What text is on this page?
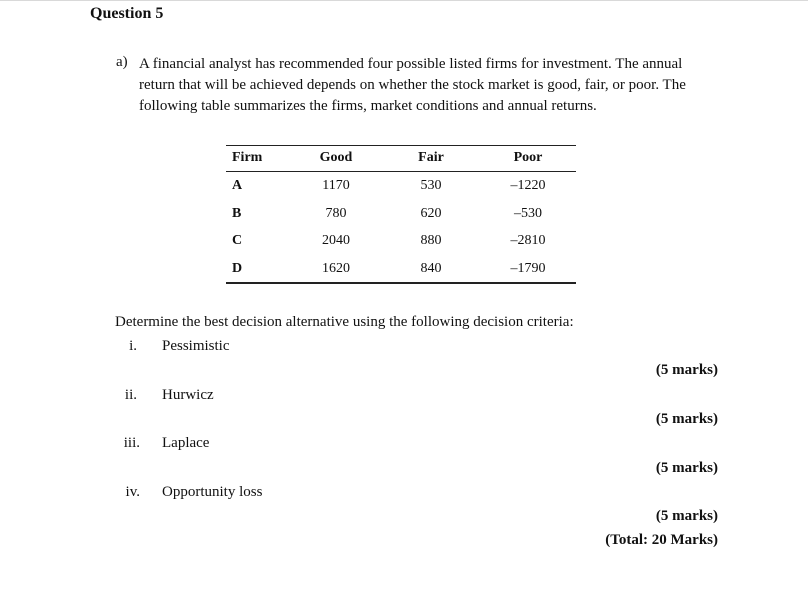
Question 5
a) A financial analyst has recommended four possible listed firms for investment. The annual
return that will be achieved depends on whether the stock market is good, fair, or poor. The
following table summarizes the firms, market conditions and annual returns.
Firm	Good	Fair	Poor
A	1170	530	–1220
B	780	620	–530
C	2040	880	–2810
D	1620	840	–1790
Determine the best decision alternative using the following decision criteria:
i. Pessimistic
(5 marks)
ii. Hurwicz
(5 marks)
iii. Laplace
(5 marks)
iv. Opportunity loss
(5 marks)
(Total: 20 Marks)
